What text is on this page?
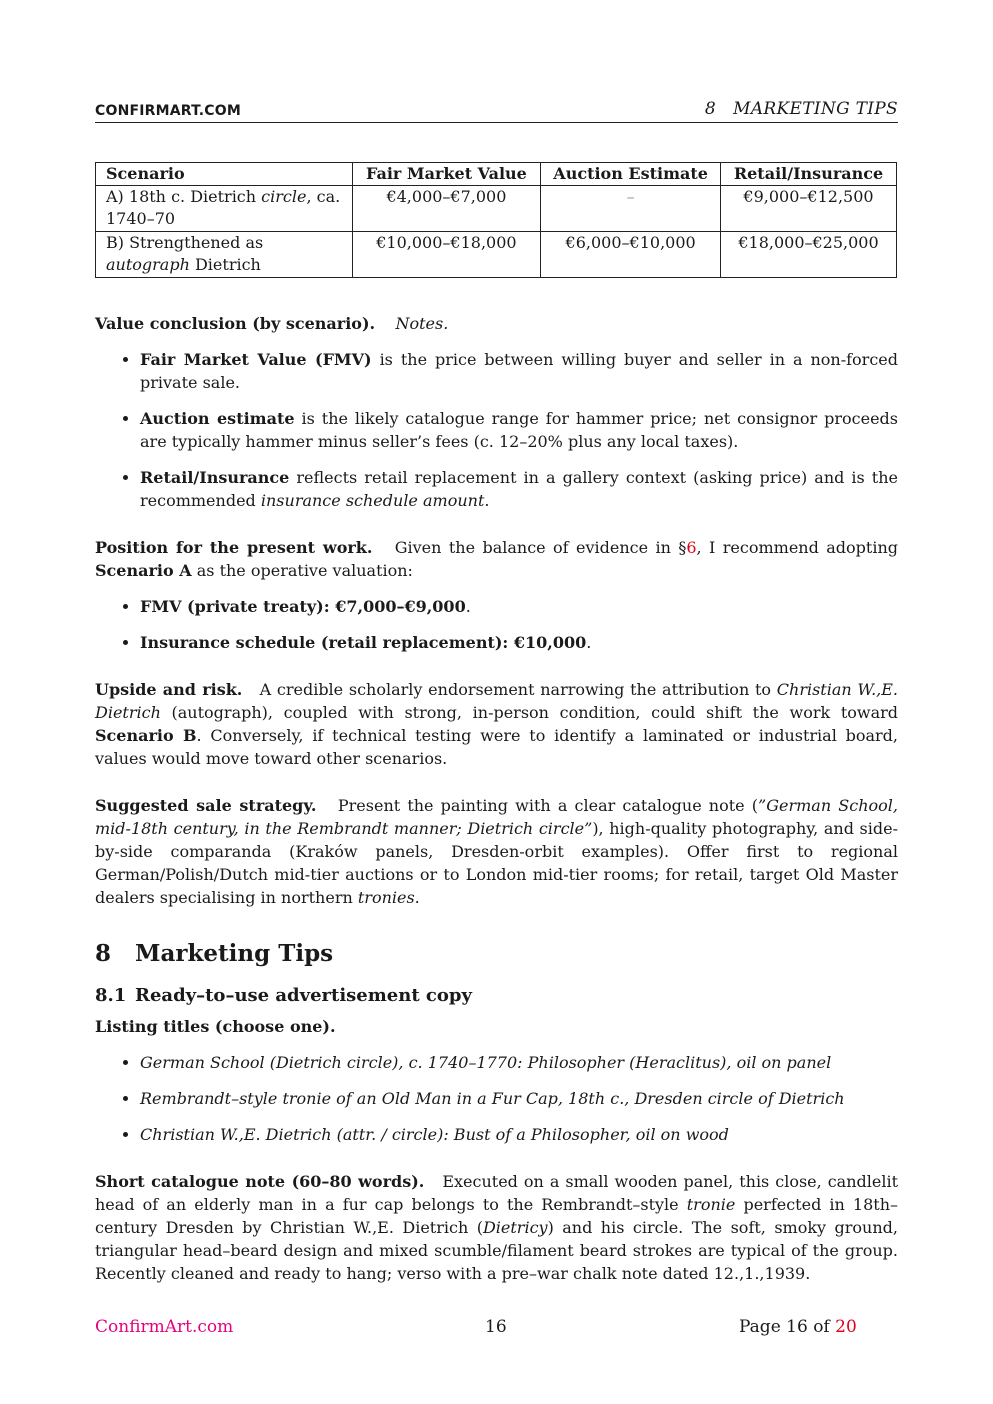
CONFIRMART.COM	8 MARKETING TIPS
Scenario	Fair Market Value	Auction Estimate	Retail/Insurance
A) 18th c. Dietrich circle, ca. 1740–70	€4,000–€7,000	–	€9,000–€12,500
B) Strengthened as autograph Dietrich	€10,000–€18,000	€6,000–€10,000	€18,000–€25,000

Value conclusion (by scenario). Notes.

• Fair Market Value (FMV) is the price between willing buyer and seller in a non-forced private sale.
• Auction estimate is the likely catalogue range for hammer price; net consignor proceeds are typically hammer minus seller’s fees (c. 12–20% plus any local taxes).
• Retail/Insurance reflects retail replacement in a gallery context (asking price) and is the recommended insurance schedule amount.

Position for the present work. Given the balance of evidence in §6, I recommend adopting Scenario A as the operative valuation:

• FMV (private treaty): €7,000–€9,000.
• Insurance schedule (retail replacement): €10,000.

Upside and risk. A credible scholarly endorsement narrowing the attribution to Christian W.,E. Dietrich (autograph), coupled with strong, in-person condition, could shift the work toward Scenario B. Conversely, if technical testing were to identify a laminated or industrial board, values would move toward other scenarios.

Suggested sale strategy. Present the painting with a clear catalogue note (”German School, mid-18th century, in the Rembrandt manner; Dietrich circle”), high-quality photography, and side-by-side comparanda (Kraków panels, Dresden-orbit examples). Offer first to regional German/Polish/Dutch mid-tier auctions or to London mid-tier rooms; for retail, target Old Master dealers specialising in northern tronies.

8 Marketing Tips
8.1 Ready–to–use advertisement copy

Listing titles (choose one).

• German School (Dietrich circle), c. 1740–1770: Philosopher (Heraclitus), oil on panel
• Rembrandt–style tronie of an Old Man in a Fur Cap, 18th c., Dresden circle of Dietrich
• Christian W.,E. Dietrich (attr. / circle): Bust of a Philosopher, oil on wood

Short catalogue note (60–80 words). Executed on a small wooden panel, this close, candlelit head of an elderly man in a fur cap belongs to the Rembrandt–style tronie perfected in 18th–century Dresden by Christian W.,E. Dietrich (Dietricy) and his circle. The soft, smoky ground, triangular head–beard design and mixed scumble/filament beard strokes are typical of the group. Recently cleaned and ready to hang; verso with a pre–war chalk note dated 12.,1.,1939.

ConfirmArt.com	16	Page 16 of 20
